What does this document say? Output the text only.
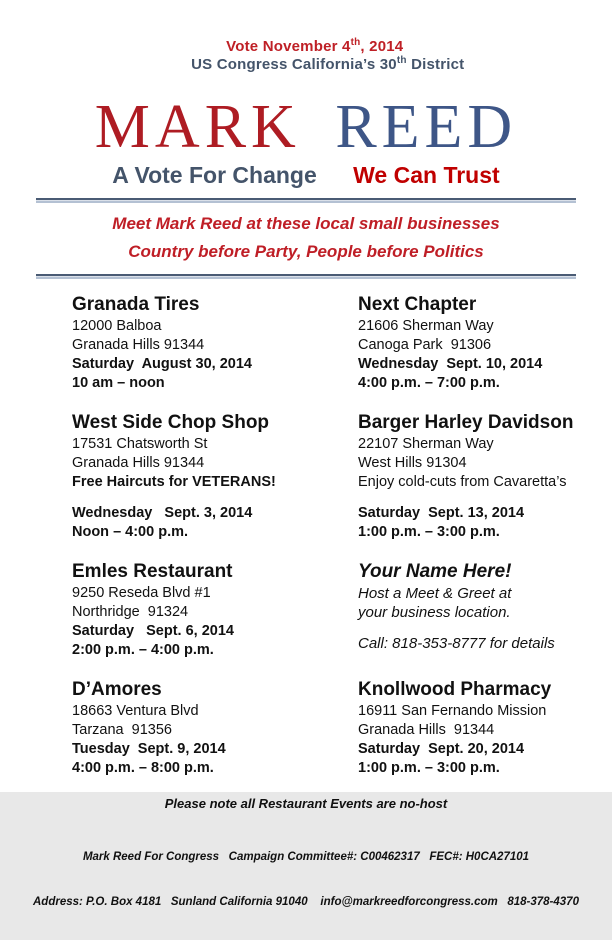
Vote November 4th, 2014
US Congress California’s 30th District

MARK REED
A Vote For Change We Can Trust
Meet Mark Reed at these local small businesses
Country before Party, People before Politics
Granada Tires
12000 Balboa
Granada Hills 91344
Saturday  August 30, 2014
10 am – noon
Next Chapter
21606 Sherman Way
Canoga Park  91306
Wednesday  Sept. 10, 2014
4:00 p.m. – 7:00 p.m.
West Side Chop Shop
17531 Chatsworth St
Granada Hills 91344
Free Haircuts for VETERANS!
Wednesday   Sept. 3, 2014
Noon – 4:00 p.m.
Barger Harley Davidson
22107 Sherman Way
West Hills 91304
Enjoy cold-cuts from Cavaretta’s
Saturday  Sept. 13, 2014
1:00 p.m. – 3:00 p.m.
Emles Restaurant
9250 Reseda Blvd #1
Northridge  91324
Saturday   Sept. 6, 2014
2:00 p.m. – 4:00 p.m.
Your Name Here!
Host a Meet & Greet at
your business location.
Call: 818-353-8777 for details
D’Amores
18663 Ventura Blvd
Tarzana  91356
Tuesday  Sept. 9, 2014
4:00 p.m. – 8:00 p.m.
Knollwood Pharmacy
16911 San Fernando Mission
Granada Hills  91344
Saturday  Sept. 20, 2014
1:00 p.m. – 3:00 p.m.
Please note all Restaurant Events are no-host

Mark Reed For Congress   Campaign Committee#: C00462317   FEC#: H0CA27101

Address: P.O. Box 4181   Sunland California 91040    info@markreedforcongress.com   818-378-4370
